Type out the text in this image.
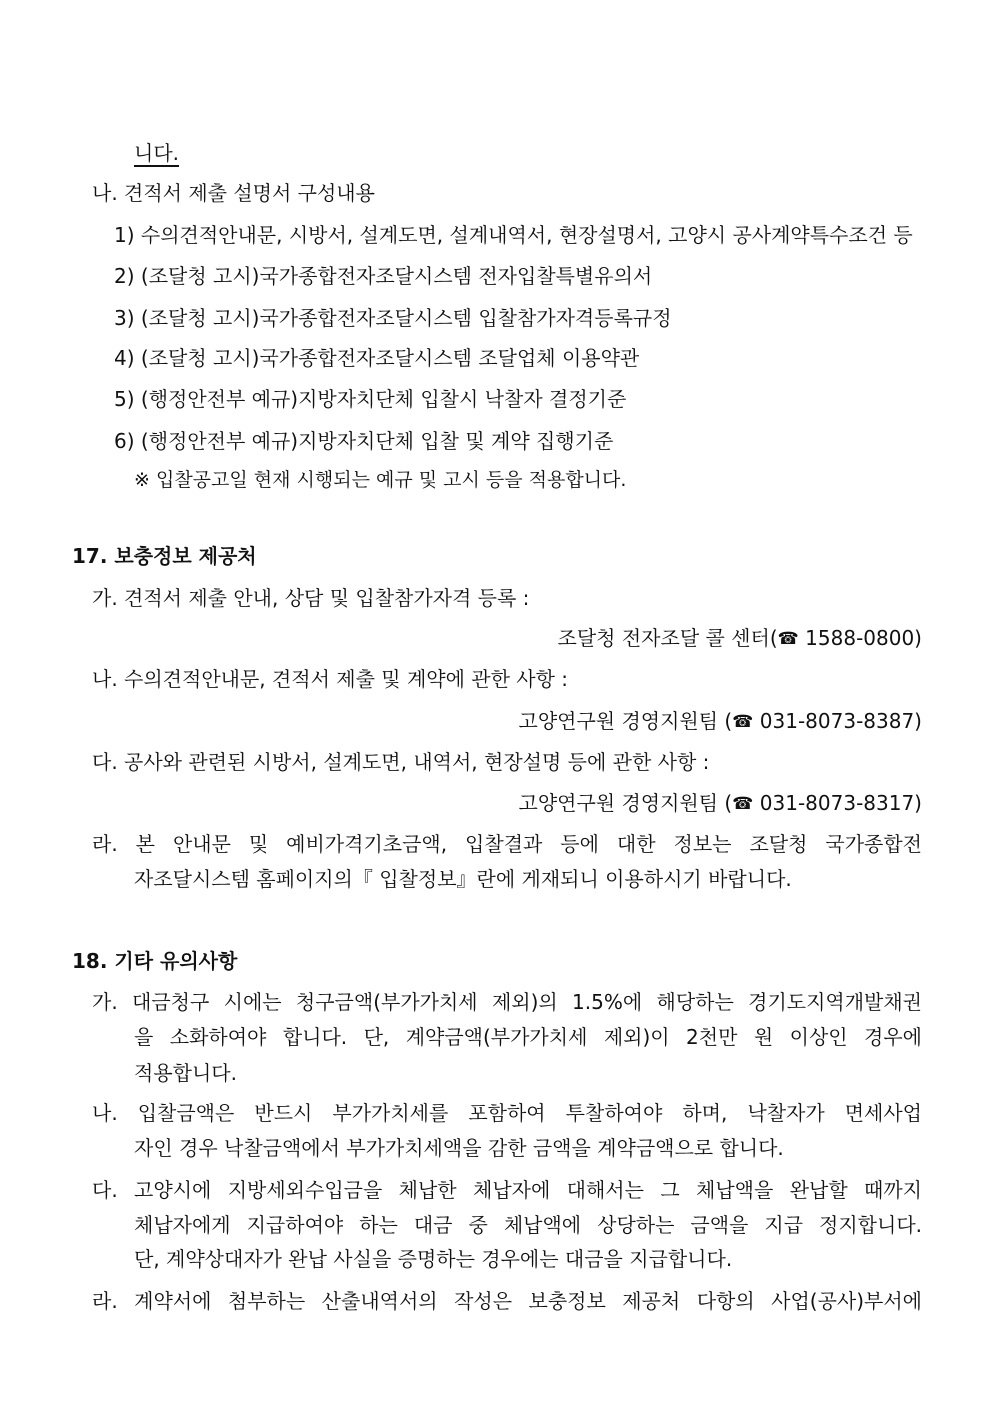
니다.
나. 견적서 제출 설명서 구성내용
1) 수의견적안내문, 시방서, 설계도면, 설계내역서, 현장설명서, 고양시 공사계약특수조건 등
2) (조달청 고시)국가종합전자조달시스템 전자입찰특별유의서
3) (조달청 고시)국가종합전자조달시스템 입찰참가자격등록규정
4) (조달청 고시)국가종합전자조달시스템 조달업체 이용약관
5) (행정안전부 예규)지방자치단체 입찰시 낙찰자 결정기준
6) (행정안전부 예규)지방자치단체 입찰 및 계약 집행기준
※ 입찰공고일 현재 시행되는 예규 및 고시 등을 적용합니다.
17. 보충정보 제공처
가. 견적서 제출 안내, 상담 및 입찰참가자격 등록 :
조달청 전자조달 콜 센터(☎ 1588-0800)
나. 수의견적안내문, 견적서 제출 및 계약에 관한 사항 :
고양연구원 경영지원팀 (☎ 031-8073-8387)
다. 공사와 관련된 시방서, 설계도면, 내역서, 현장설명 등에 관한 사항 :
고양연구원 경영지원팀 (☎ 031-8073-8317)
라. 본 안내문 및 예비가격기초금액, 입찰결과 등에 대한 정보는 조달청 국가종합전
자조달시스템 홈페이지의『 입찰정보』란에 게재되니 이용하시기 바랍니다.
18. 기타 유의사항
가. 대금청구 시에는 청구금액(부가가치세 제외)의 1.5%에 해당하는 경기도지역개발채권
을 소화하여야 합니다. 단, 계약금액(부가가치세 제외)이 2천만 원 이상인 경우에
적용합니다.
나. 입찰금액은 반드시 부가가치세를 포함하여 투찰하여야 하며, 낙찰자가 면세사업
자인 경우 낙찰금액에서 부가가치세액을 감한 금액을 계약금액으로 합니다.
다. 고양시에 지방세외수입금을 체납한 체납자에 대해서는 그 체납액을 완납할 때까지
체납자에게 지급하여야 하는 대금 중 체납액에 상당하는 금액을 지급 정지합니다.
단, 계약상대자가 완납 사실을 증명하는 경우에는 대금을 지급합니다.
라. 계약서에 첨부하는 산출내역서의 작성은 보충정보 제공처 다항의 사업(공사)부서에
